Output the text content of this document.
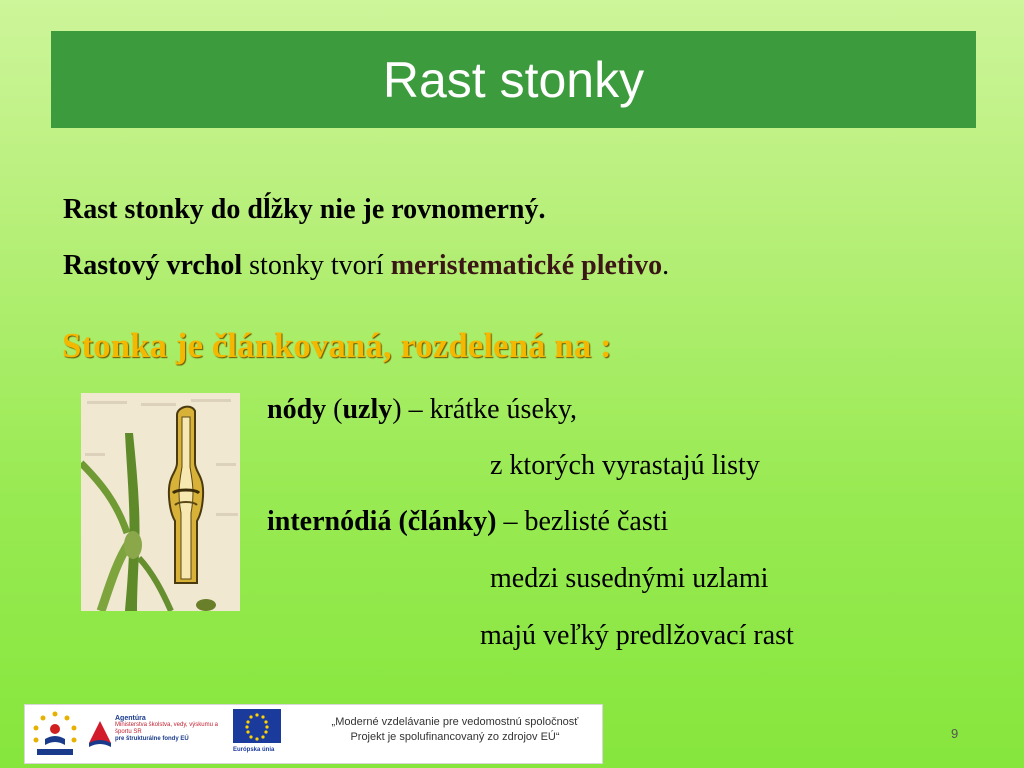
Rast stonky
Rast stonky do dĺžky nie je rovnomerný.
Rastový vrchol stonky tvorí meristematické pletivo.
Stonka je článkovaná, rozdelená na :
nódy (uzly) – krátke úseky,
z ktorých vyrastajú listy
internódiá (články) – bezlisté časti
medzi susednými uzlami
majú veľký predlžovací rast
Agentúra
Ministerstva školstva, vedy, výskumu a športu SR
pre štrukturálne fondy EÚ
Európska únia
„Moderné vzdelávanie pre vedomostnú spoločnosť
Projekt je spolufinancovaný zo zdrojov EÚ“	9
